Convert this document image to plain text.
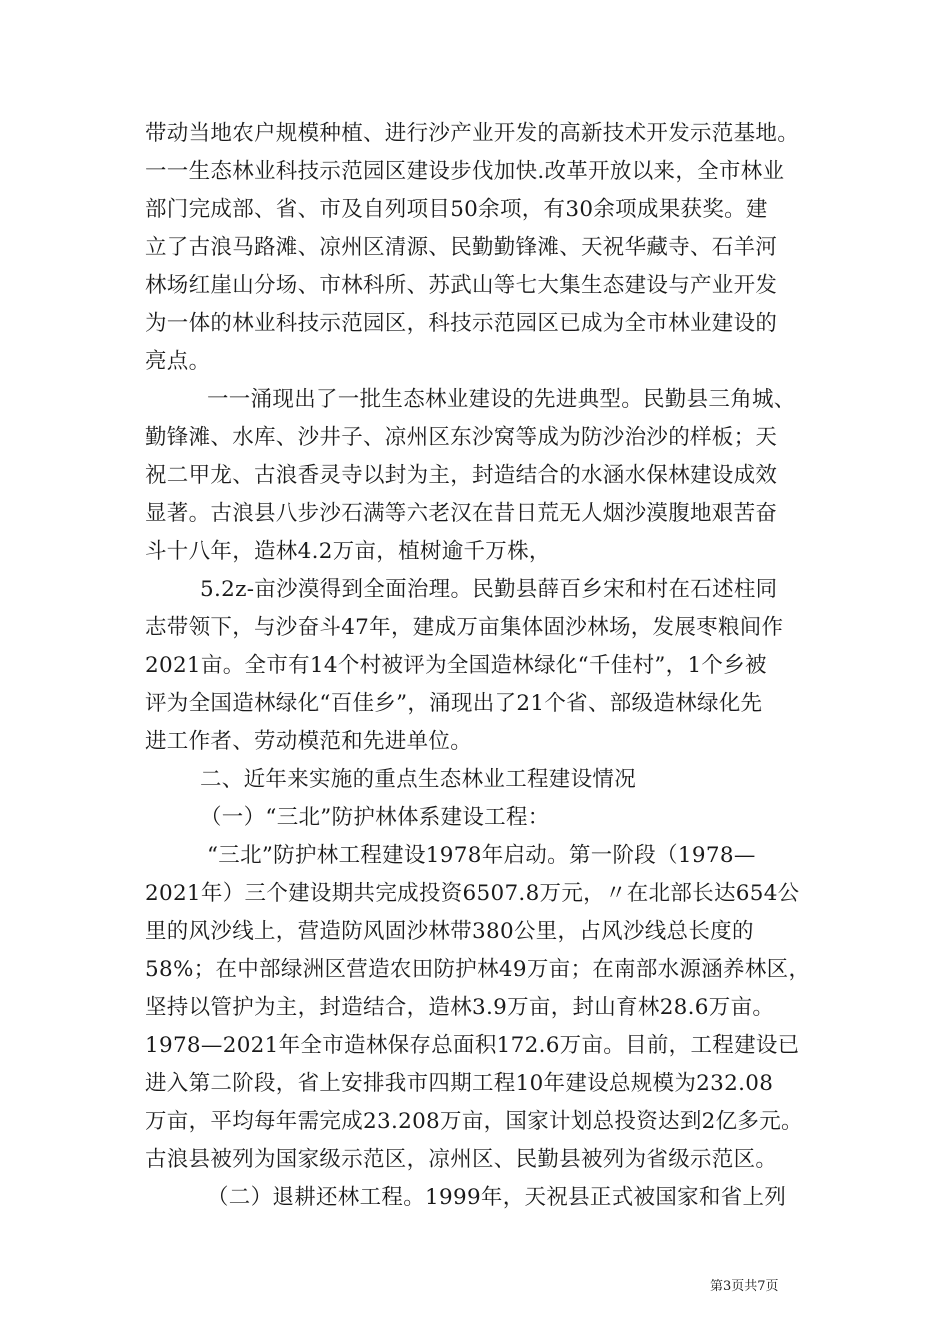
带动当地农户规模种植、进行沙产业开发的高新技术开发示范基地。
一一生态林业科技示范园区建设步伐加快.改革开放以来，全市林业
部门完成部、省、市及自列项目50余项，有30余项成果获奖。建
立了古浪马路滩、凉州区清源、民勤勤锋滩、天祝华藏寺、石羊河
林场红崖山分场、市林科所、苏武山等七大集生态建设与产业开发
为一体的林业科技示范园区，科技示范园区已成为全市林业建设的
亮点。
一一涌现出了一批生态林业建设的先进典型。民勤县三角城、
勤锋滩、水库、沙井子、凉州区东沙窝等成为防沙治沙的样板；天
祝二甲龙、古浪香灵寺以封为主，封造结合的水涵水保林建设成效
显著。古浪县八步沙石满等六老汉在昔日荒无人烟沙漠腹地艰苦奋
斗十八年，造林4.2万亩，植树逾千万株，
5.2z-亩沙漠得到全面治理。民勤县薛百乡宋和村在石述柱同
志带领下，与沙奋斗47年，建成万亩集体固沙林场，发展枣粮间作
2021亩。全市有14个村被评为全国造林绿化“千佳村”，1个乡被
评为全国造林绿化“百佳乡”，涌现出了21个省、部级造林绿化先
进工作者、劳动模范和先进单位。
二、近年来实施的重点生态林业工程建设情况
（一）“三北”防护林体系建设工程：
“三北”防护林工程建设1978年启动。第一阶段（1978—
2021年）三个建设期共完成投资6507.8万元，〃在北部长达654公
里的风沙线上，营造防风固沙林带380公里，占风沙线总长度的
58%；在中部绿洲区营造农田防护林49万亩；在南部水源涵养林区，
坚持以管护为主，封造结合，造林3.9万亩，封山育林28.6万亩。
1978—2021年全市造林保存总面积172.6万亩。目前，工程建设已
进入第二阶段，省上安排我市四期工程10年建设总规模为232.08
万亩，平均每年需完成23.208万亩，国家计划总投资达到2亿多元。
古浪县被列为国家级示范区，凉州区、民勤县被列为省级示范区。
（二）退耕还林工程。1999年，天祝县正式被国家和省上列
第3页共7页
